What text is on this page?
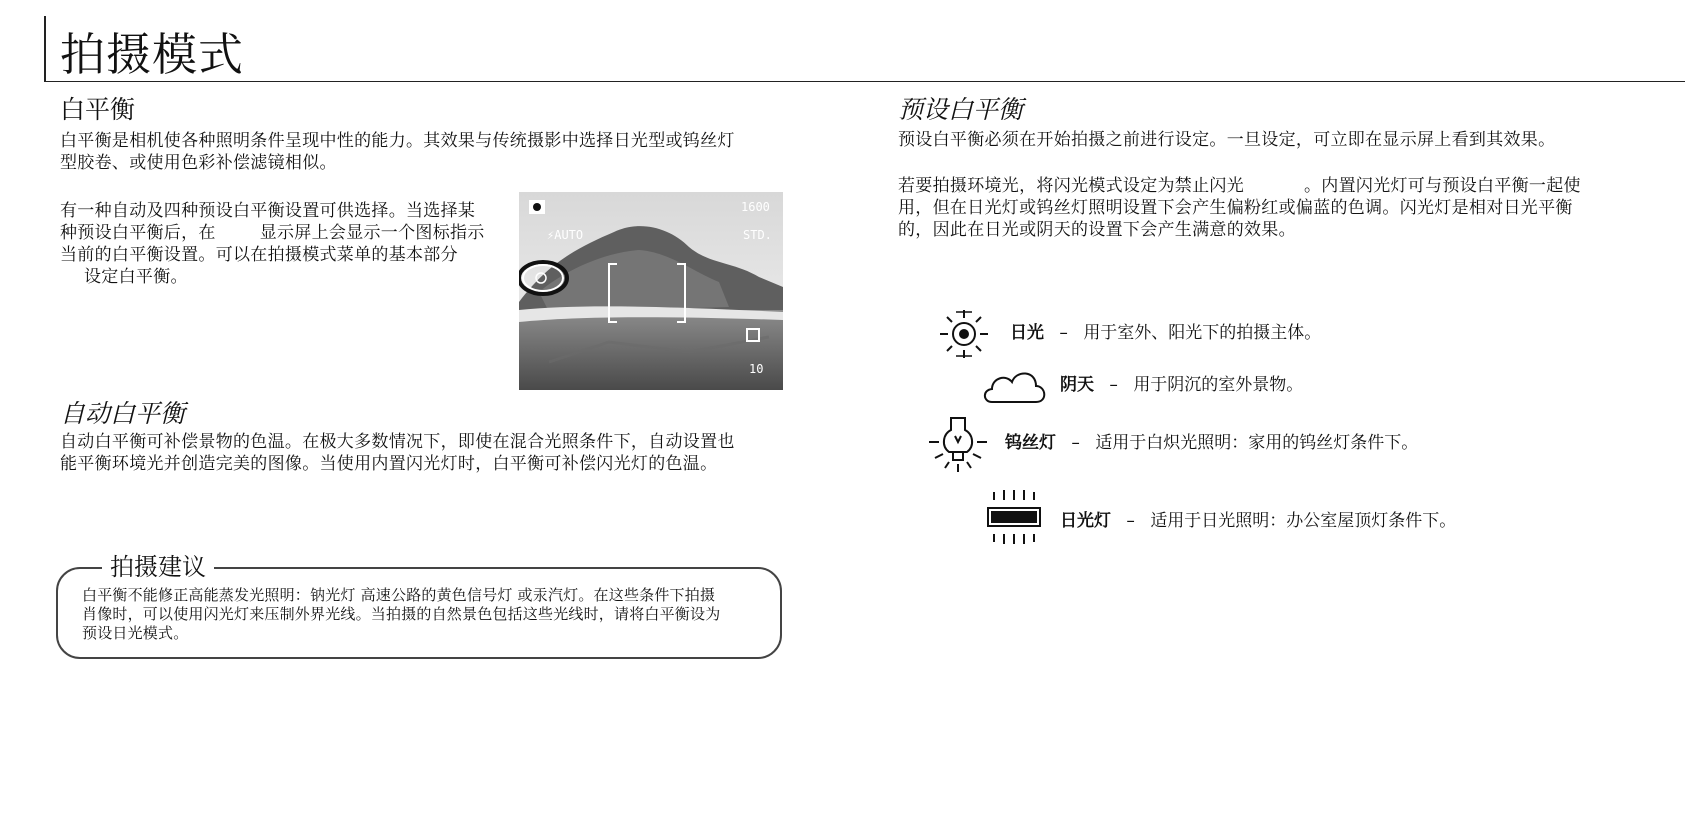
拍摄模式
白平衡
白平衡是相机使各种照明条件呈现中性的能力。其效果与传统摄影中选择日光型或钨丝灯
型胶卷、或使用色彩补偿滤镜相似。
有一种自动及四种预设白平衡设置可供选择。当选择某
种预设白平衡后，在	显示屏上会显示一个图标指示
当前的白平衡设置。可以在拍摄模式菜单的基本部分
设定白平衡。
⚡AUTO
1600
STD.
10
自动白平衡
自动白平衡可补偿景物的色温。在极大多数情况下，即使在混合光照条件下，自动设置也
能平衡环境光并创造完美的图像。当使用内置闪光灯时，白平衡可补偿闪光灯的色温。
拍摄建议
白平衡不能修正高能蒸发光照明：钠光灯 高速公路的黄色信号灯 或汞汽灯。在这些条件下拍摄
肖像时，可以使用闪光灯来压制外界光线。当拍摄的自然景色包括这些光线时，请将白平衡设为
预设日光模式。
预设白平衡
预设白平衡必须在开始拍摄之前进行设定。一旦设定，可立即在显示屏上看到其效果。
若要拍摄环境光，将闪光模式设定为禁止闪光	。内置闪光灯可与预设白平衡一起使
用，但在日光灯或钨丝灯照明设置下会产生偏粉红或偏蓝的色调。闪光灯是相对日光平衡
的，因此在日光或阴天的设置下会产生满意的效果。
日光 – 用于室外、阳光下的拍摄主体。
阴天 – 用于阴沉的室外景物。
钨丝灯 – 适用于白炽光照明：家用的钨丝灯条件下。
日光灯 – 适用于日光照明：办公室屋顶灯条件下。
